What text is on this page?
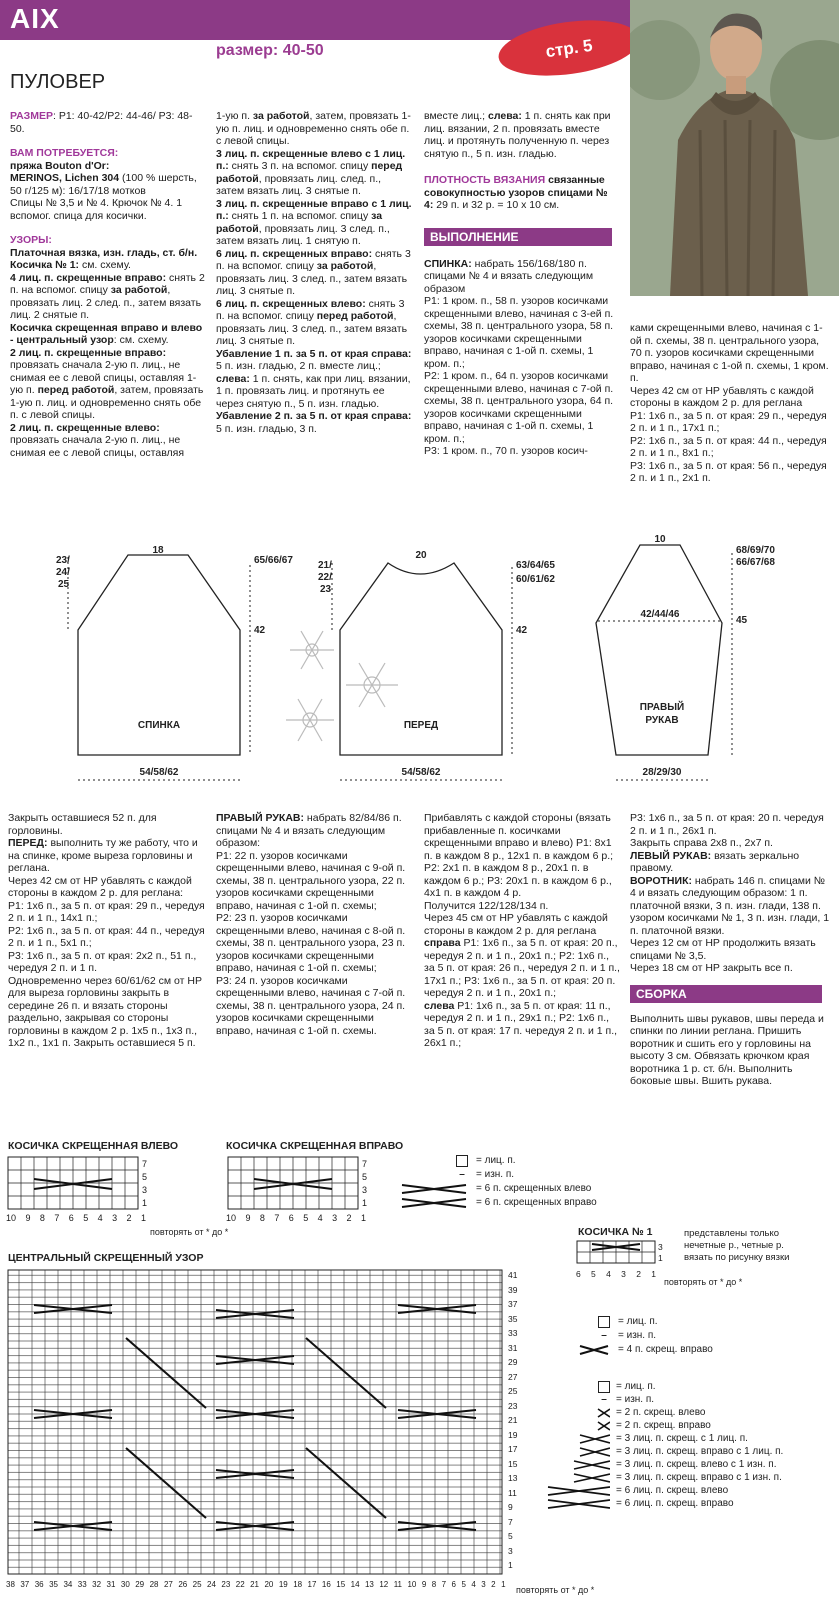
AIX
размер: 40-50	стр. 5
ПУЛОВЕР

РАЗМЕР: Р1: 40-42/Р2: 44-46/ Р3: 48-50.

ВАМ ПОТРЕБУЕТСЯ:

пряжа Bouton d'Or:

MERINOS, Lichen 304 (100 % шерсть, 50 г/125 м): 16/17/18 мотков

Спицы № 3,5 и № 4. Крючок № 4. 1 вспомог. спица для косички.

УЗОРЫ:

Платочная вязка, изн. гладь, ст. б/н.

Косичка № 1: см. схему.

4 лиц. п. скрещенные вправо: снять 2 п. на вспомог. спицу за работой, провязать лиц. 2 след. п., затем вязать лиц. 2 снятые п.

Косичка скрещенная вправо и влево - центральный узор: см. схему.

2 лиц. п. скрещенные вправо: провязать сначала 2-ую п. лиц., не снимая ее с левой спицы, оставляя 1-ую п. перед работой, затем, провязать 1-ую п. лиц. и одновременно снять обе п. с левой спицы.

2 лиц. п. скрещенные влево: провязать сначала 2-ую п. лиц., не снимая ее с левой спицы, оставляя

1-ую п. за работой, затем, провязать 1-ую п. лиц. и одновременно снять обе п. с левой спицы.

3 лиц. п. скрещенные влево с 1 лиц. п.: снять 3 п. на вспомог. спицу перед работой, провязать лиц. след. п., затем вязать лиц. 3 снятые п.

3 лиц. п. скрещенные вправо с 1 лиц. п.: снять 1 п. на вспомог. спицу за работой, провязать лиц. 3 след. п., затем вязать лиц. 1 снятую п.

6 лиц. п. скрещенных вправо: снять 3 п. на вспомог. спицу за работой, провязать лиц. 3 след. п., затем вязать лиц. 3 снятые п.

6 лиц. п. скрещенных влево: снять 3 п. на вспомог. спицу перед работой, провязать лиц. 3 след. п., затем вязать лиц. 3 снятые п.

Убавление 1 п. за 5 п. от края справа: 5 п. изн. гладью, 2 п. вместе лиц.; слева: 1 п. снять, как при лиц. вязании, 1 п. провязать лиц. и протянуть ее через снятую п., 5 п. изн. гладью.

Убавление 2 п. за 5 п. от края справа: 5 п. изн. гладью, 3 п.

вместе лиц.; слева: 1 п. снять как при лиц. вязании, 2 п. провязать вместе лиц. и протянуть полученную п. через снятую п., 5 п. изн. гладью.

ПЛОТНОСТЬ ВЯЗАНИЯ связанные совокупностью узоров спицами № 4: 29 п. и 32 р. = 10 х 10 см.

ВЫПОЛНЕНИЕ

СПИНКА: набрать 156/168/180 п. спицами № 4 и вязать следующим образом

Р1: 1 кром. п., 58 п. узоров косичками скрещенными влево, начиная с 3-ей п. схемы, 38 п. центрального узора, 58 п. узоров косичками скрещенными вправо, начиная с 1-ой п. схемы, 1 кром. п.;

Р2: 1 кром. п., 64 п. узоров косичками скрещенными влево, начиная с 7-ой п. схемы, 38 п. центрального узора, 64 п. узоров косичками скрещенными вправо, начиная с 1-ой п. схемы, 1 кром. п.;

Р3: 1 кром. п., 70 п. узоров косич-

ками скрещенными влево, начиная с 1-ой п. схемы, 38 п. центрального узора, 70 п. узоров косичками скрещенными вправо, начиная с 1-ой п. схемы, 1 кром. п.

Через 42 см от НР убавлять с каждой стороны в каждом 2 р. для реглана

Р1: 1х6 п., за 5 п. от края: 29 п., чередуя 2 п. и 1 п., 17х1 п.;

Р2: 1х6 п., за 5 п. от края: 44 п., чередуя 2 п. и 1 п., 8х1 п.;

Р3: 1х6 п., за 5 п. от края: 56 п., чередуя 2 п. и 1 п., 2х1 п.

18
23/
24/
25
65/66/67
42
54/58/62
СПИНКА
20
21/
22/
23
63/64/65
60/61/62
42
54/58/62
ПЕРЕД
10
68/69/70
66/67/68
42/44/46
45
28/29/30
ПРАВЫЙ
РУКАВ

Закрыть оставшиеся 52 п. для горловины.

ПЕРЕД: выполнить ту же работу, что и на спинке, кроме выреза горловины и реглана.

Через 42 см от НР убавлять с каждой стороны в каждом 2 р. для реглана:

Р1: 1х6 п., за 5 п. от края: 29 п., чередуя 2 п. и 1 п., 14х1 п.;

Р2: 1х6 п., за 5 п. от края: 44 п., чередуя 2 п. и 1 п., 5х1 п.;

Р3: 1х6 п., за 5 п. от края: 2х2 п., 51 п., чередуя 2 п. и 1 п.

Одновременно через 60/61/62 см от НР для выреза горловины закрыть в середине 26 п. и вязать стороны раздельно, закрывая со стороны горловины в каждом 2 р. 1х5 п., 1х3 п., 1х2 п., 1х1 п. Закрыть оставшиеся 5 п.

ПРАВЫЙ РУКАВ: набрать 82/84/86 п. спицами № 4 и вязать следующим образом:

Р1: 22 п. узоров косичками скрещенными влево, начиная с 9-ой п. схемы, 38 п. центрального узора, 22 п. узоров косичками скрещенными вправо, начиная с 1-ой п. схемы;

Р2: 23 п. узоров косичками скрещенными влево, начиная с 8-ой п. схемы, 38 п. центрального узора, 23 п. узоров косичками скрещенными вправо, начиная с 1-ой п. схемы;

Р3: 24 п. узоров косичками скрещенными влево, начиная с 7-ой п. схемы, 38 п. центрального узора, 24 п. узоров косичками скрещенными вправо, начиная с 1-ой п. схемы.

Прибавлять с каждой стороны (вязать прибавленные п. косичками скрещенными вправо и влево) Р1: 8х1 п. в каждом 8 р., 12х1 п. в каждом 6 р.; Р2: 2х1 п. в каждом 8 р., 20х1 п. в каждом 6 р.; Р3: 20х1 п. в каждом 6 р., 4х1 п. в каждом 4 р.

Получится 122/128/134 п.

Через 45 см от НР убавлять с каждой стороны в каждом 2 р. для реглана справа Р1: 1х6 п., за 5 п. от края: 20 п., чередуя 2 п. и 1 п., 20х1 п.; Р2: 1х6 п., за 5 п. от края: 26 п., чередуя 2 п. и 1 п., 17х1 п.; Р3: 1х6 п., за 5 п. от края: 20 п. чередуя 2 п. и 1 п., 20х1 п.;

слева Р1: 1х6 п., за 5 п. от края: 11 п., чередуя 2 п. и 1 п., 29х1 п.; Р2: 1х6 п., за 5 п. от края: 17 п. чередуя 2 п. и 1 п., 26х1 п.;

Р3: 1х6 п., за 5 п. от края: 20 п. чередуя 2 п. и 1 п., 26х1 п.

Закрыть справа 2х8 п., 2х7 п.

ЛЕВЫЙ РУКАВ: вязать зеркально правому.

ВОРОТНИК: набрать 146 п. спицами № 4 и вязать следующим образом: 1 п. платочной вязки, 3 п. изн. глади, 138 п. узором косичками № 1, 3 п. изн. глади, 1 п. платочной вязки.

Через 12 см от НР продолжить вязать спицами № 3,5.

Через 18 см от НР закрыть все п.

СБОРКА

Выполнить швы рукавов, швы переда и спинки по линии реглана. Пришить воротник и сшить его у горловины на высоту 3 см. Обвязать крючком края воротника 1 р. ст. б/н. Выполнить боковые швы. Вшить рукава.

КОСИЧКА СКРЕЩЕННАЯ ВЛЕВО	КОСИЧКА СКРЕЩЕННАЯ ВПРАВО
10 9 8 7 6 5 4 3 2 1	10 9 8 7 6 5 4 3 2 1
7
5
3
1
7
5
3
1
повторять от * до *
= лиц. п.
–	= изн. п.
= 6 п. скрещенных влево
= 6 п. скрещенных вправо
ЦЕНТРАЛЬНЫЙ СКРЕЩЕННЫЙ УЗОР
41
39
37
35
33
31
29
27
25
23
21
19
17
15
13
11
9
7
5
3
1
38 37 36 35 34 33 32 31 30 29 28 27 26 25 24 23 22 21 20 19 18 17 16 15 14 13 12 11 10 9 8 7 6 5 4 3 2 1
повторять от * до *
КОСИЧКА № 1
6 5 4 3 2 1
3
1
представлены только
нечетные р., четные р.
вязать по рисунку вязки
повторять от * до *
= лиц. п.
–	= изн. п.
= 4 п. скрещ. вправо
= лиц. п.
– = изн. п.
= 2 п. скрещ. влево
= 2 п. скрещ. вправо
= 3 лиц. п. скрещ. с 1 лиц. п.
= 3 лиц. п. скрещ. вправо с 1 лиц. п.
= 3 лиц. п. скрещ. влево с 1 изн. п.
= 3 лиц. п. скрещ. вправо с 1 изн. п.
= 6 лиц. п. скрещ. влево
= 6 лиц. п. скрещ. вправо
